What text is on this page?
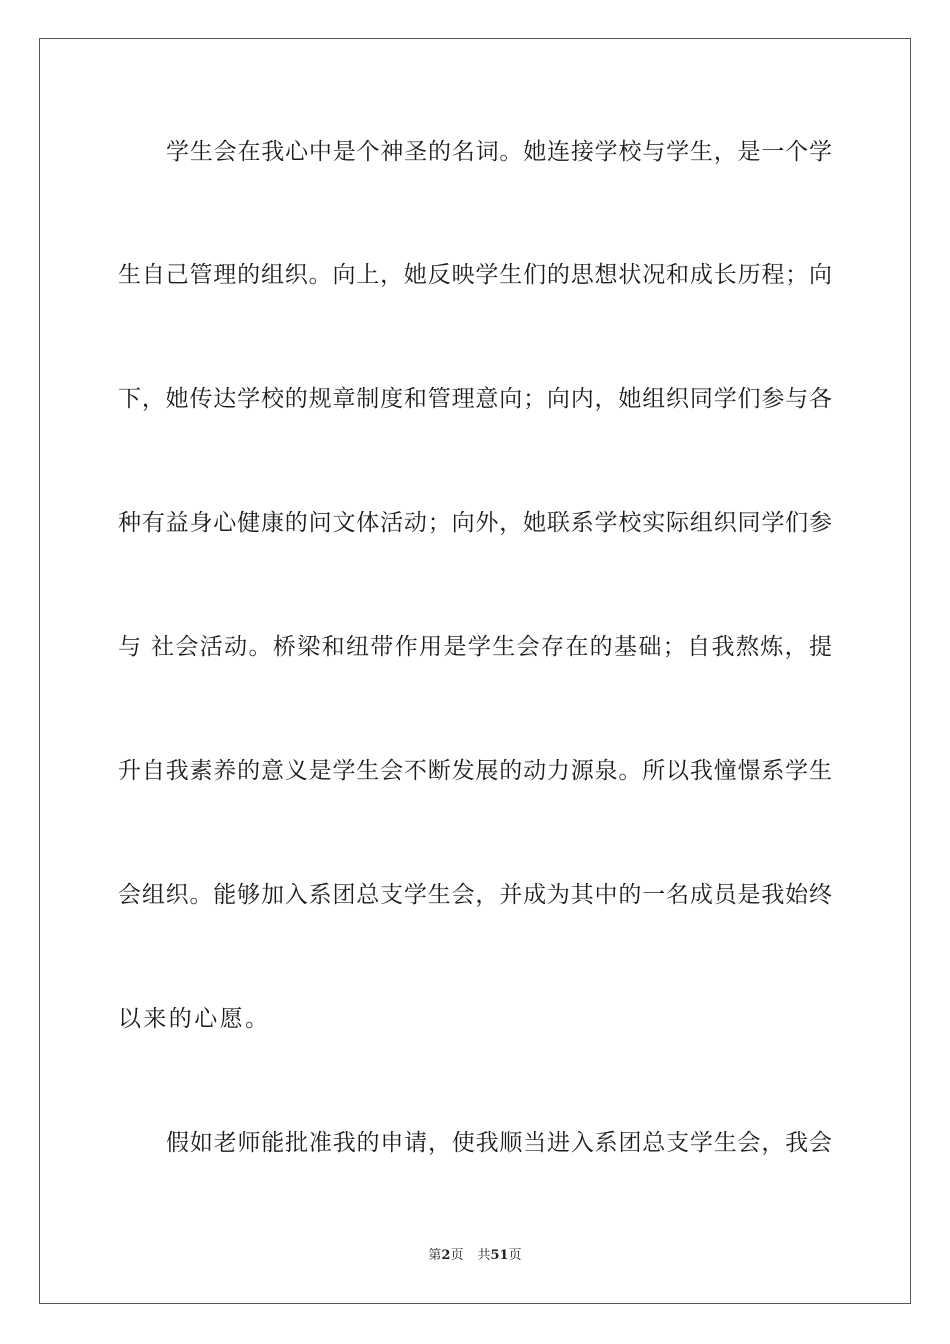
学生会在我心中是个神圣的名词。她连接学校与学生，是一个学
生自己管理的组织。向上，她反映学生们的思想状况和成长历程；向
下，她传达学校的规章制度和管理意向；向内，她组织同学们参与各
种有益身心健康的问文体活动；向外，她联系学校实际组织同学们参
与 社会活动。桥梁和纽带作用是学生会存在的基础；自我熬炼，提
升自我素养的意义是学生会不断发展的动力源泉。所以我憧憬系学生
会组织。能够加入系团总支学生会，并成为其中的一名成员是我始终
以来的心愿。
假如老师能批准我的申请，使我顺当进入系团总支学生会，我会
第2页 共51页
